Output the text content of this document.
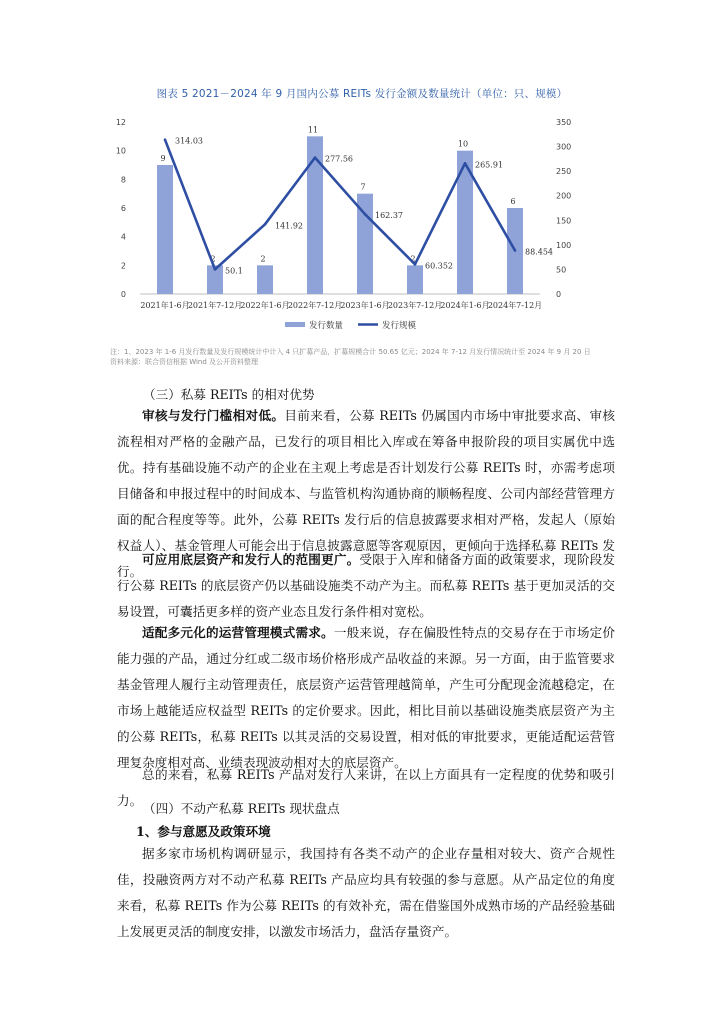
图表 5 2021－2024 年 9 月国内公募 REITs 发行金额及数量统计（单位：只、规模）
0
2
4
6
8
10
12
0
50
100
150
200
250
300
350
9
2	2
11
7
2
10
6
314.03
50.1
141.92
277.56
162.37
60.352
265.91
88.454
2021年1-6月
2021年7-12月
2022年1-6月
2022年7-12月
2023年1-6月
2023年7-12月
2024年1-6月
2024年7-12月
发行数量	发行规模
注：1、2023 年 1-6 月发行数量及发行规模统计中计入 4 只扩募产品，扩募规模合计 50.65 亿元；2024 年 7-12 月发行情况统计至 2024 年 9 月 20 日
资料来源：联合资信根据 Wind 及公开资料整理
（三）私募 REITs 的相对优势
审核与发行门槛相对低。目前来看，公募 REITs 仍属国内市场中审批要求高、审核流程相对严格的金融产品，已发行的项目相比入库或在筹备申报阶段的项目实属优中选优。持有基础设施不动产的企业在主观上考虑是否计划发行公募 REITs 时，亦需考虑项目储备和申报过程中的时间成本、与监管机构沟通协商的顺畅程度、公司内部经营管理方面的配合程度等等。此外，公募 REITs 发行后的信息披露要求相对严格，发起人（原始权益人）、基金管理人可能会出于信息披露意愿等客观原因，更倾向于选择私募 REITs 发行。
可应用底层资产和发行人的范围更广。受限于入库和储备方面的政策要求，现阶段发行公募 REITs 的底层资产仍以基础设施类不动产为主。而私募 REITs 基于更加灵活的交易设置，可囊括更多样的资产业态且发行条件相对宽松。
适配多元化的运营管理模式需求。一般来说，存在偏股性特点的交易存在于市场定价能力强的产品，通过分红或二级市场价格形成产品收益的来源。另一方面，由于监管要求基金管理人履行主动管理责任，底层资产运营管理越简单，产生可分配现金流越稳定，在市场上越能适应权益型 REITs 的定价要求。因此，相比目前以基础设施类底层资产为主的公募 REITs，私募 REITs 以其灵活的交易设置，相对低的审批要求，更能适配运营管理复杂度相对高、业绩表现波动相对大的底层资产。
总的来看，私募 REITs 产品对发行人来讲，在以上方面具有一定程度的优势和吸引力。
（四）不动产私募 REITs 现状盘点
1、参与意愿及政策环境
据多家市场机构调研显示，我国持有各类不动产的企业存量相对较大、资产合规性佳，投融资两方对不动产私募 REITs 产品应均具有较强的参与意愿。从产品定位的角度来看，私募 REITs 作为公募 REITs 的有效补充，需在借鉴国外成熟市场的产品经验基础上发展更灵活的制度安排，以激发市场活力，盘活存量资产。
